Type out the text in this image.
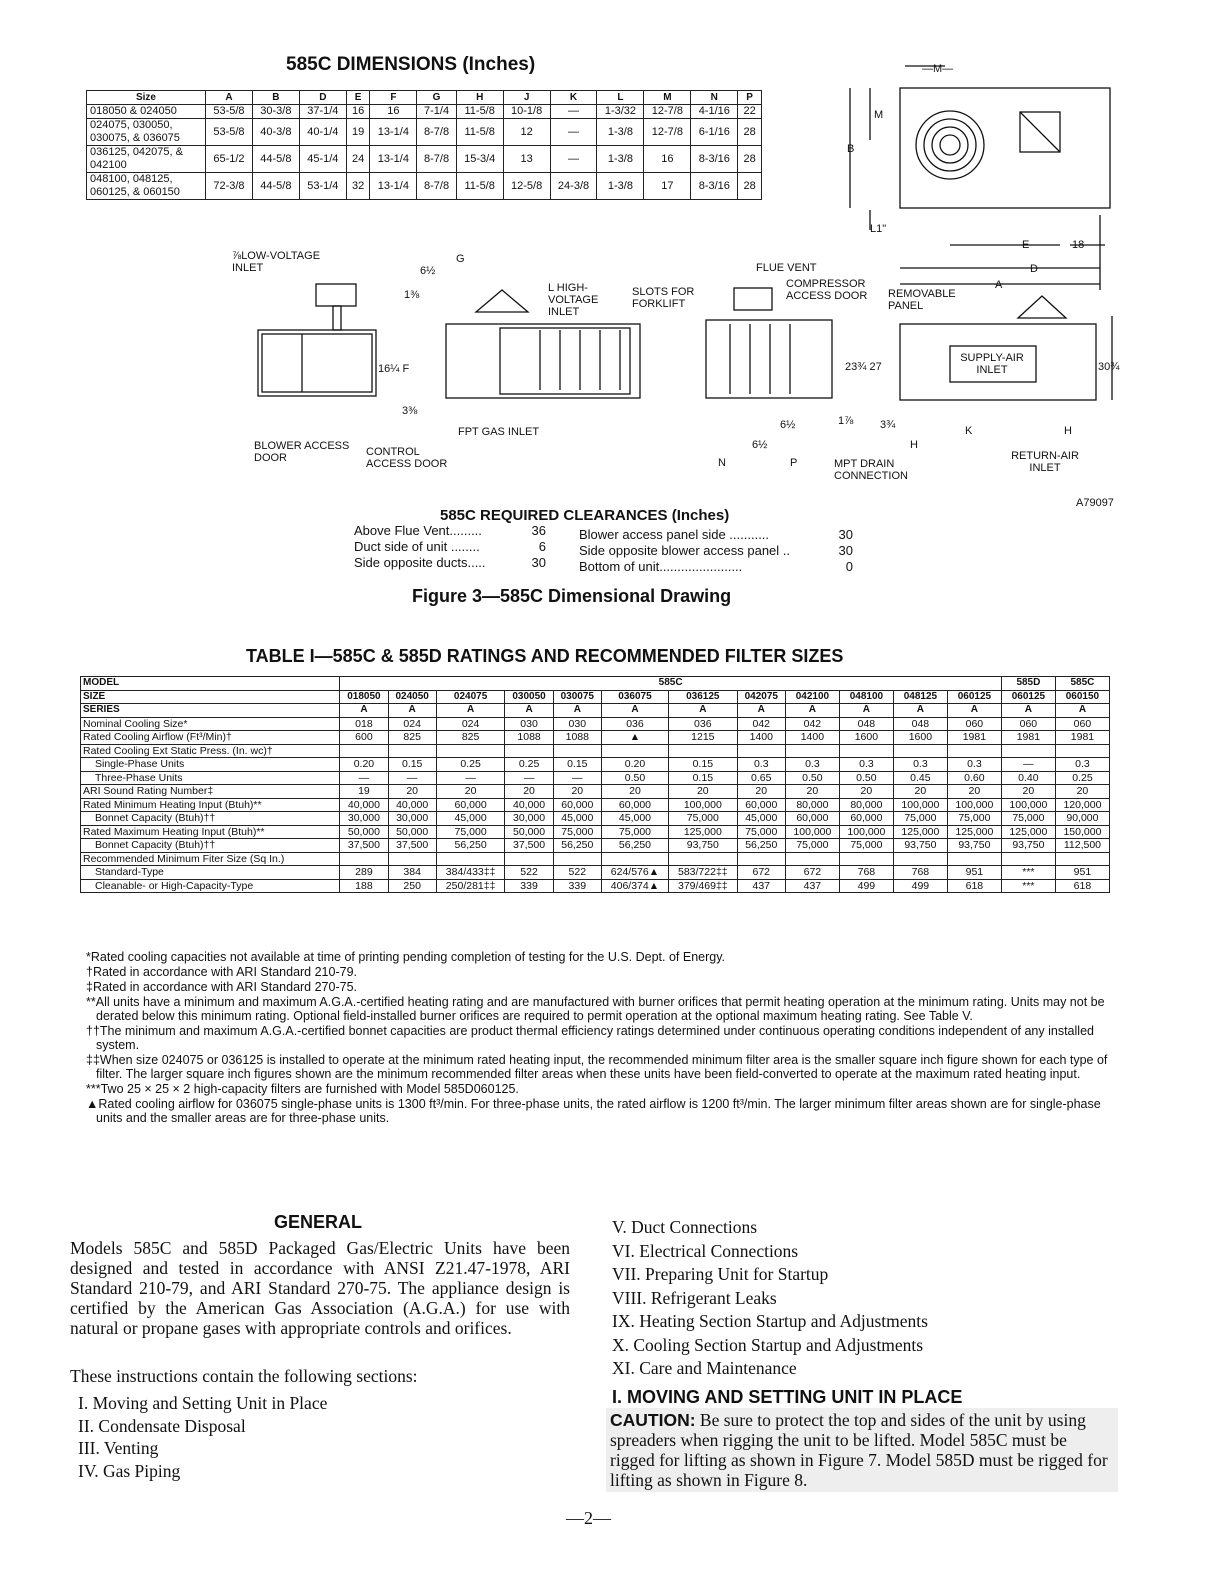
585C DIMENSIONS (Inches)
Size	A	B	D	E	F	G	H	J	K	L	M	N	P
018050 & 024050	53-5/8	30-3/8	37-1/4	16	16	7-1/4	11-5/8	10-1/8	—	1-3/32	12-7/8	4-1/16	22
024075, 030050, 030075, & 036075	53-5/8	40-3/8	40-1/4	19	13-1/4	8-7/8	11-5/8	12	—	1-3/8	12-7/8	6-1/16	28
036125, 042075, & 042100	65-1/2	44-5/8	45-1/4	24	13-1/4	8-7/8	15-3/4	13	—	1-3/8	16	8-3/16	28
048100, 048125, 060125, & 060150	72-3/8	44-5/8	53-1/4	32	13-1/4	8-7/8	11-5/8	12-5/8	24-3/8	1-3/8	17	8-3/16	28
—M—
M
B
L1"
E	18
D
A
30¾
23¾ 27
16¼ F
3⅜
6½
G
1⅜
6½
6½
1⅞ 3¾	K	H
H
N	P
⅞LOW-VOLTAGE
INLET
L HIGH-VOLTAGE INLET
SLOTS FOR FORKLIFT
FLUE VENT
COMPRESSOR ACCESS DOOR	REMOVABLE PANEL
SUPPLY-AIR INLET
BLOWER ACCESS DOOR	CONTROL ACCESS DOOR
FPT GAS INLET
MPT DRAIN CONNECTION
RETURN-AIR INLET
A79097
585C REQUIRED CLEARANCES (Inches)
Above Flue Vent.........	36
Duct side of unit ........	6
Side opposite ducts.....	30
Blower access panel side ...........	30
Side opposite blower access panel ..	30
Bottom of unit.......................	0
Figure 3—585C Dimensional Drawing
TABLE I—585C & 585D RATINGS AND RECOMMENDED FILTER SIZES
MODEL	585C												585D	585C
SIZE	018050	024050	024075	030050	030075	036075	036125	042075	042100	048100	048125	060125	060125	060150
SERIES	A	A	A	A	A	A	A	A	A	A	A	A	A	A
Nominal Cooling Size*	018	024	024	030	030	036	036	042	042	048	048	060	060	060
Rated Cooling Airflow (Ft³/Min)†	600	825	825	1088	1088	▲	1215	1400	1400	1600	1600	1981	1981	1981
Rated Cooling Ext Static Press. (In. wc)†														
Single-Phase Units	0.20	0.15	0.25	0.25	0.15	0.20	0.15	0.3	0.3	0.3	0.3	0.3	—	0.3
Three-Phase Units	—	—	—	—	—	0.50	0.15	0.65	0.50	0.50	0.45	0.60	0.40	0.25
ARI Sound Rating Number‡	19	20	20	20	20	20	20	20	20	20	20	20	20	20
Rated Minimum Heating Input (Btuh)**	40,000	40,000	60,000	40,000	60,000	60,000	100,000	60,000	80,000	80,000	100,000	100,000	100,000	120,000
Bonnet Capacity (Btuh)††	30,000	30,000	45,000	30,000	45,000	45,000	75,000	45,000	60,000	60,000	75,000	75,000	75,000	90,000
Rated Maximum Heating Input (Btuh)**	50,000	50,000	75,000	50,000	75,000	75,000	125,000	75,000	100,000	100,000	125,000	125,000	125,000	150,000
Bonnet Capacity (Btuh)††	37,500	37,500	56,250	37,500	56,250	56,250	93,750	56,250	75,000	75,000	93,750	93,750	93,750	112,500
Recommended Minimum Fiter Size (Sq In.)														
Standard-Type	289	384	384/433‡‡	522	522	624/576▲	583/722‡‡	672	672	768	768	951	***	951
Cleanable- or High-Capacity-Type	188	250	250/281‡‡	339	339	406/374▲	379/469‡‡	437	437	499	499	618	***	618
*Rated cooling capacities not available at time of printing pending completion of testing for the U.S. Dept. of Energy.
†Rated in accordance with ARI Standard 210-79.
‡Rated in accordance with ARI Standard 270-75.
**All units have a minimum and maximum A.G.A.-certified heating rating and are manufactured with burner orifices that permit heating operation at the minimum rating. Units may not be derated below this minimum rating. Optional field-installed burner orifices are required to permit operation at the optional maximum heating rating. See Table V.
††The minimum and maximum A.G.A.-certified bonnet capacities are product thermal efficiency ratings determined under continuous operating conditions independent of any installed system.
‡‡When size 024075 or 036125 is installed to operate at the minimum rated heating input, the recommended minimum filter area is the smaller square inch figure shown for each type of filter. The larger square inch figures shown are the minimum recommended filter areas when these units have been field-converted to operate at the maximum rated heating input.
***Two 25 × 25 × 2 high-capacity filters are furnished with Model 585D060125.
▲Rated cooling airflow for 036075 single-phase units is 1300 ft³/min. For three-phase units, the rated airflow is 1200 ft³/min. The larger minimum filter areas shown are for single-phase units and the smaller areas are for three-phase units.
GENERAL
Models 585C and 585D Packaged Gas/Electric Units have been designed and tested in accordance with ANSI Z21.47-1978, ARI Standard 210-79, and ARI Standard 270-75. The appliance design is certified by the American Gas Association (A.G.A.) for use with natural or propane gases with appropriate controls and orifices.
These instructions contain the following sections:
I. Moving and Setting Unit in Place
II. Condensate Disposal
III. Venting
IV. Gas Piping
V. Duct Connections
VI. Electrical Connections
VII. Preparing Unit for Startup
VIII. Refrigerant Leaks
IX. Heating Section Startup and Adjustments
X. Cooling Section Startup and Adjustments
XI. Care and Maintenance
I. MOVING AND SETTING UNIT IN PLACE
CAUTION: Be sure to protect the top and sides of the unit by using spreaders when rigging the unit to be lifted. Model 585C must be rigged for lifting as shown in Figure 7. Model 585D must be rigged for lifting as shown in Figure 8.
—2—
